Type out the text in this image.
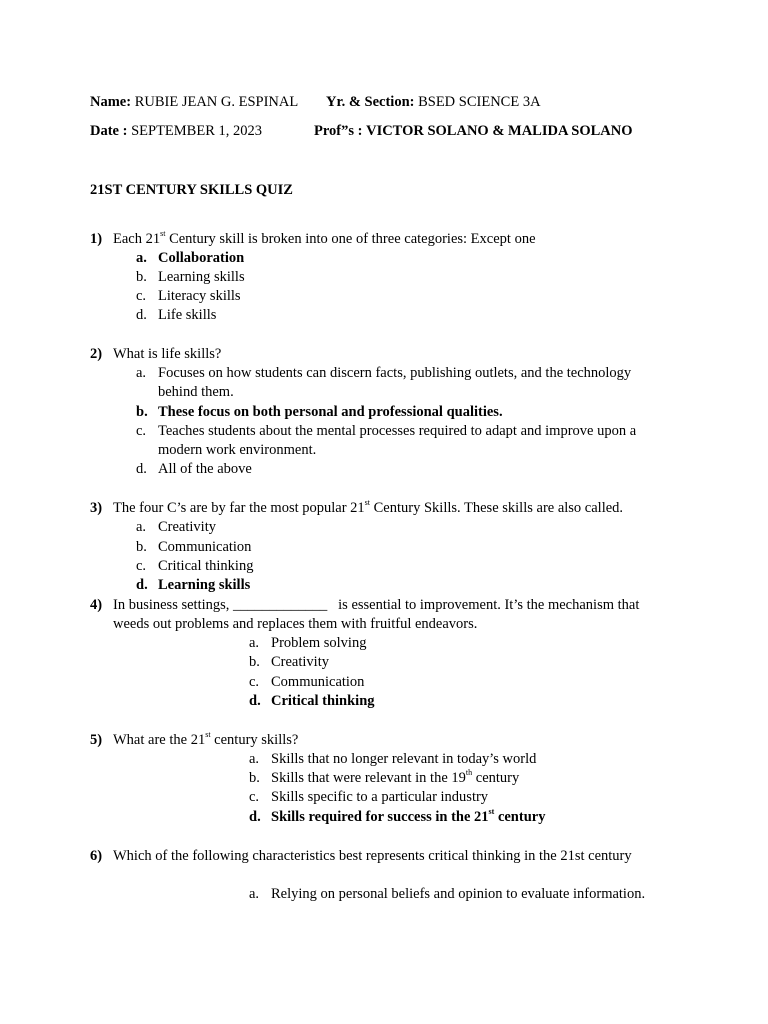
Name: RUBIE JEAN G. ESPINAL Yr. & Section: BSED SCIENCE 3A
Date : SEPTEMBER 1, 2023	Prof”s : VICTOR SOLANO & MALIDA SOLANO
21ST CENTURY SKILLS QUIZ
1) Each 21st Century skill is broken into one of three categories: Except one
a. Collaboration
b. Learning skills
c. Literacy skills
d. Life skills
2) What is life skills?
a. Focuses on how students can discern facts, publishing outlets, and the technology
behind them.
b. These focus on both personal and professional qualities.
c. Teaches students about the mental processes required to adapt and improve upon a
modern work environment.
d. All of the above
3) The four C’s are by far the most popular 21st Century Skills. These skills are also called.
a. Creativity
b. Communication
c. Critical thinking
d. Learning skills
4) In business settings, _____________   is essential to improvement. It’s the mechanism that
weeds out problems and replaces them with fruitful endeavors.
a. Problem solving
b. Creativity
c. Communication
d. Critical thinking
5) What are the 21st century skills?
a. Skills that no longer relevant in today’s world
b. Skills that were relevant in the 19th century
c. Skills specific to a particular industry
d. Skills required for success in the 21st century
6) Which of the following characteristics best represents critical thinking in the 21st century
a. Relying on personal beliefs and opinion to evaluate information.
